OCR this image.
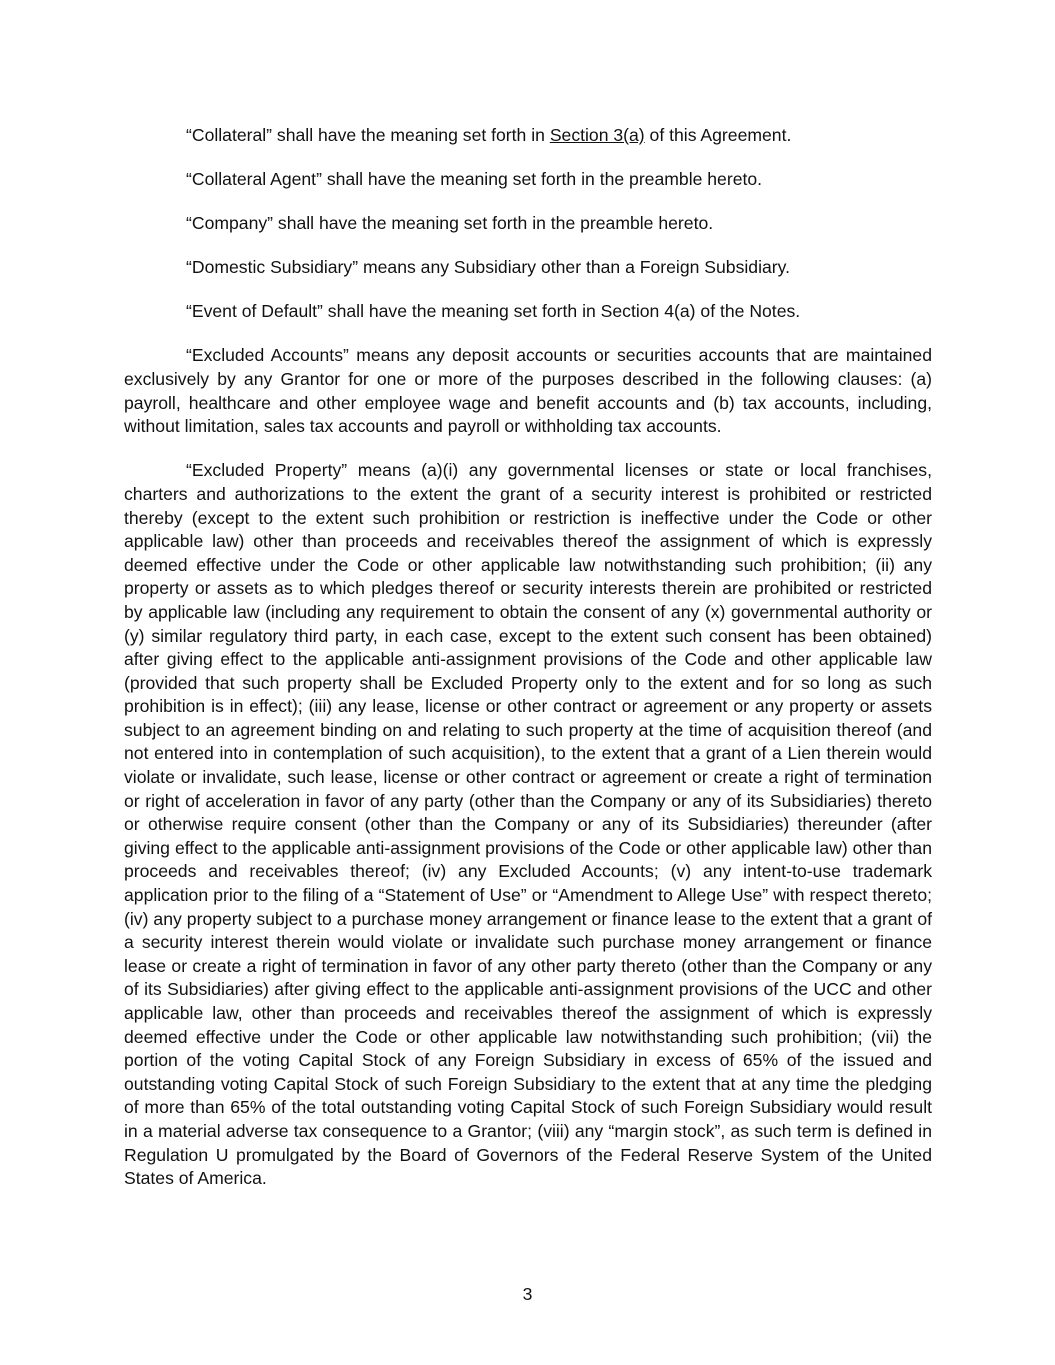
“Collateral” shall have the meaning set forth in Section 3(a) of this Agreement.

“Collateral Agent” shall have the meaning set forth in the preamble hereto.

“Company” shall have the meaning set forth in the preamble hereto.

“Domestic Subsidiary” means any Subsidiary other than a Foreign Subsidiary.

“Event of Default” shall have the meaning set forth in Section 4(a) of the Notes.

“Excluded Accounts” means any deposit accounts or securities accounts that are maintained exclusively by any Grantor for one or more of the purposes described in the following clauses: (a) payroll, healthcare and other employee wage and benefit accounts and (b) tax accounts, including, without limitation, sales tax accounts and payroll or withholding tax accounts.

“Excluded Property” means (a)(i) any governmental licenses or state or local franchises, charters and authorizations to the extent the grant of a security interest is prohibited or restricted thereby (except to the extent such prohibition or restriction is ineffective under the Code or other applicable law) other than proceeds and receivables thereof the assignment of which is expressly deemed effective under the Code or other applicable law notwithstanding such prohibition; (ii) any property or assets as to which pledges thereof or security interests therein are prohibited or restricted by applicable law (including any requirement to obtain the consent of any (x) governmental authority or (y) similar regulatory third party, in each case, except to the extent such consent has been obtained) after giving effect to the applicable anti-assignment provisions of the Code and other applicable law (provided that such property shall be Excluded Property only to the extent and for so long as such prohibition is in effect); (iii) any lease, license or other contract or agreement or any property or assets subject to an agreement binding on and relating to such property at the time of acquisition thereof (and not entered into in contemplation of such acquisition), to the extent that a grant of a Lien therein would violate or invalidate, such lease, license or other contract or agreement or create a right of termination or right of acceleration in favor of any party (other than the Company or any of its Subsidiaries) thereto or otherwise require consent (other than the Company or any of its Subsidiaries) thereunder (after giving effect to the applicable anti-assignment provisions of the Code or other applicable law) other than proceeds and receivables thereof; (iv) any Excluded Accounts; (v) any intent-to-use trademark application prior to the filing of a “Statement of Use” or “Amendment to Allege Use” with respect thereto; (iv) any property subject to a purchase money arrangement or finance lease to the extent that a grant of a security interest therein would violate or invalidate such purchase money arrangement or finance lease or create a right of termination in favor of any other party thereto (other than the Company or any of its Subsidiaries) after giving effect to the applicable anti-assignment provisions of the UCC and other applicable law, other than proceeds and receivables thereof the assignment of which is expressly deemed effective under the Code or other applicable law notwithstanding such prohibition; (vii) the portion of the voting Capital Stock of any Foreign Subsidiary in excess of 65% of the issued and outstanding voting Capital Stock of such Foreign Subsidiary to the extent that at any time the pledging of more than 65% of the total outstanding voting Capital Stock of such Foreign Subsidiary would result in a material adverse tax consequence to a Grantor; (viii) any “margin stock”, as such term is defined in Regulation U promulgated by the Board of Governors of the Federal Reserve System of the United States of America.

3
